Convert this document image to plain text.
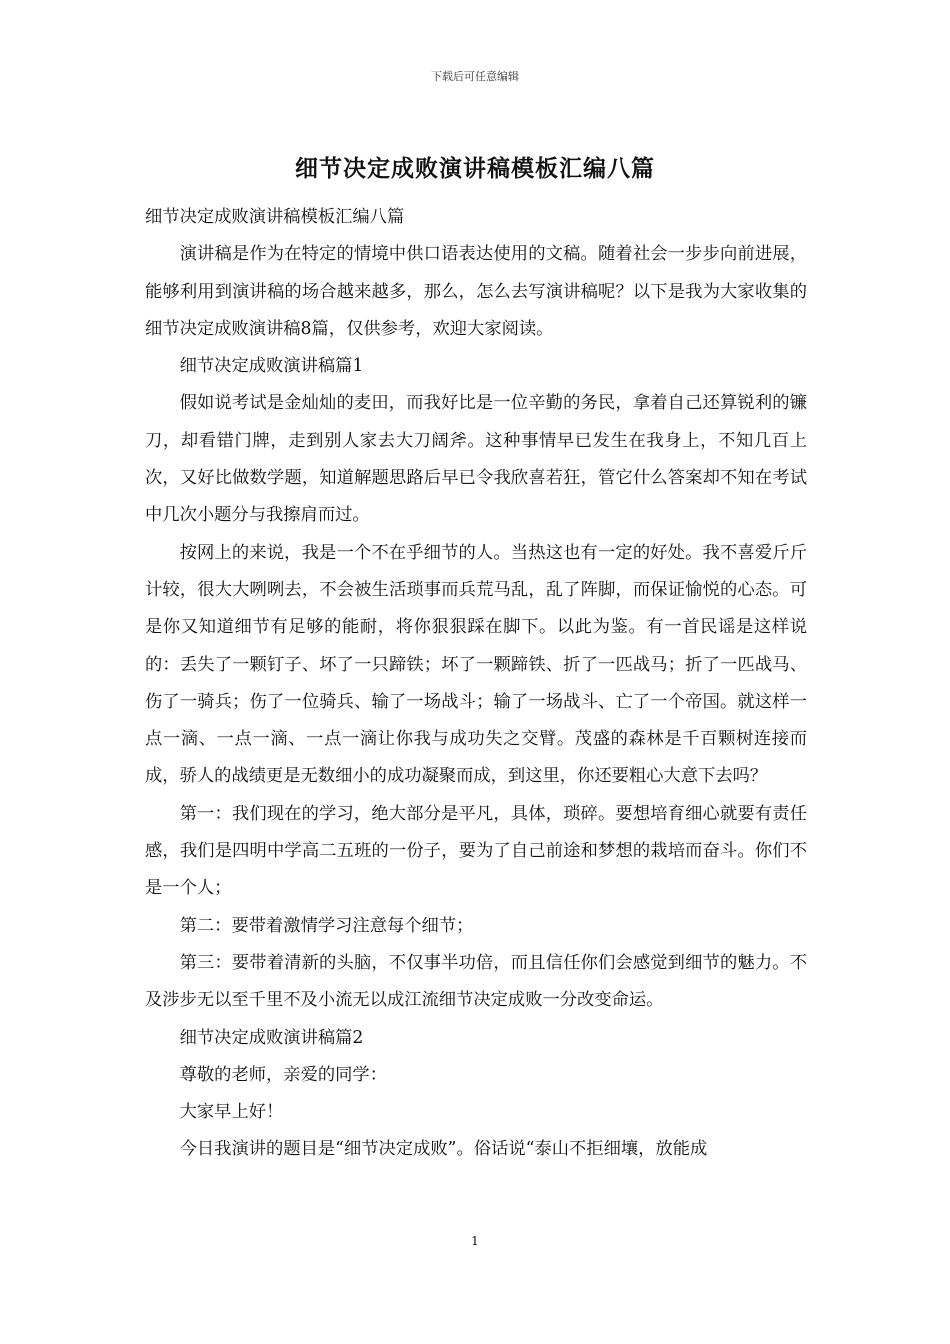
下载后可任意编辑
细节决定成败演讲稿模板汇编八篇

细节决定成败演讲稿模板汇编八篇

演讲稿是作为在特定的情境中供口语表达使用的文稿。随着社会一步步向前进展，能够利用到演讲稿的场合越来越多，那么，怎么去写演讲稿呢？以下是我为大家收集的细节决定成败演讲稿8篇，仅供参考，欢迎大家阅读。

细节决定成败演讲稿篇1

假如说考试是金灿灿的麦田，而我好比是一位辛勤的务民，拿着自己还算锐利的镰刀，却看错门牌，走到别人家去大刀阔斧。这种事情早已发生在我身上，不知几百上次，又好比做数学题，知道解题思路后早已令我欣喜若狂，管它什么答案却不知在考试中几次小题分与我擦肩而过。

按网上的来说，我是一个不在乎细节的人。当热这也有一定的好处。我不喜爱斤斤计较，很大大咧咧去，不会被生活琐事而兵荒马乱，乱了阵脚，而保证愉悦的心态。可是你又知道细节有足够的能耐，将你狠狠踩在脚下。以此为鉴。有一首民谣是这样说的：丢失了一颗钉子、坏了一只蹄铁；坏了一颗蹄铁、折了一匹战马；折了一匹战马、伤了一骑兵；伤了一位骑兵、输了一场战斗；输了一场战斗、亡了一个帝国。就这样一点一滴、一点一滴、一点一滴让你我与成功失之交臂。茂盛的森林是千百颗树连接而成，骄人的战绩更是无数细小的成功凝聚而成，到这里，你还要粗心大意下去吗？

第一：我们现在的学习，绝大部分是平凡，具体，琐碎。要想培育细心就要有责任感，我们是四明中学高二五班的一份子，要为了自己前途和梦想的栽培而奋斗。你们不是一个人；

第二：要带着激情学习注意每个细节；

第三：要带着清新的头脑，不仅事半功倍，而且信任你们会感觉到细节的魅力。不及涉步无以至千里不及小流无以成江流细节决定成败一分改变命运。

细节决定成败演讲稿篇2

尊敬的老师，亲爱的同学：

大家早上好！

今日我演讲的题目是“细节决定成败”。俗话说“泰山不拒细壤，放能成

1
